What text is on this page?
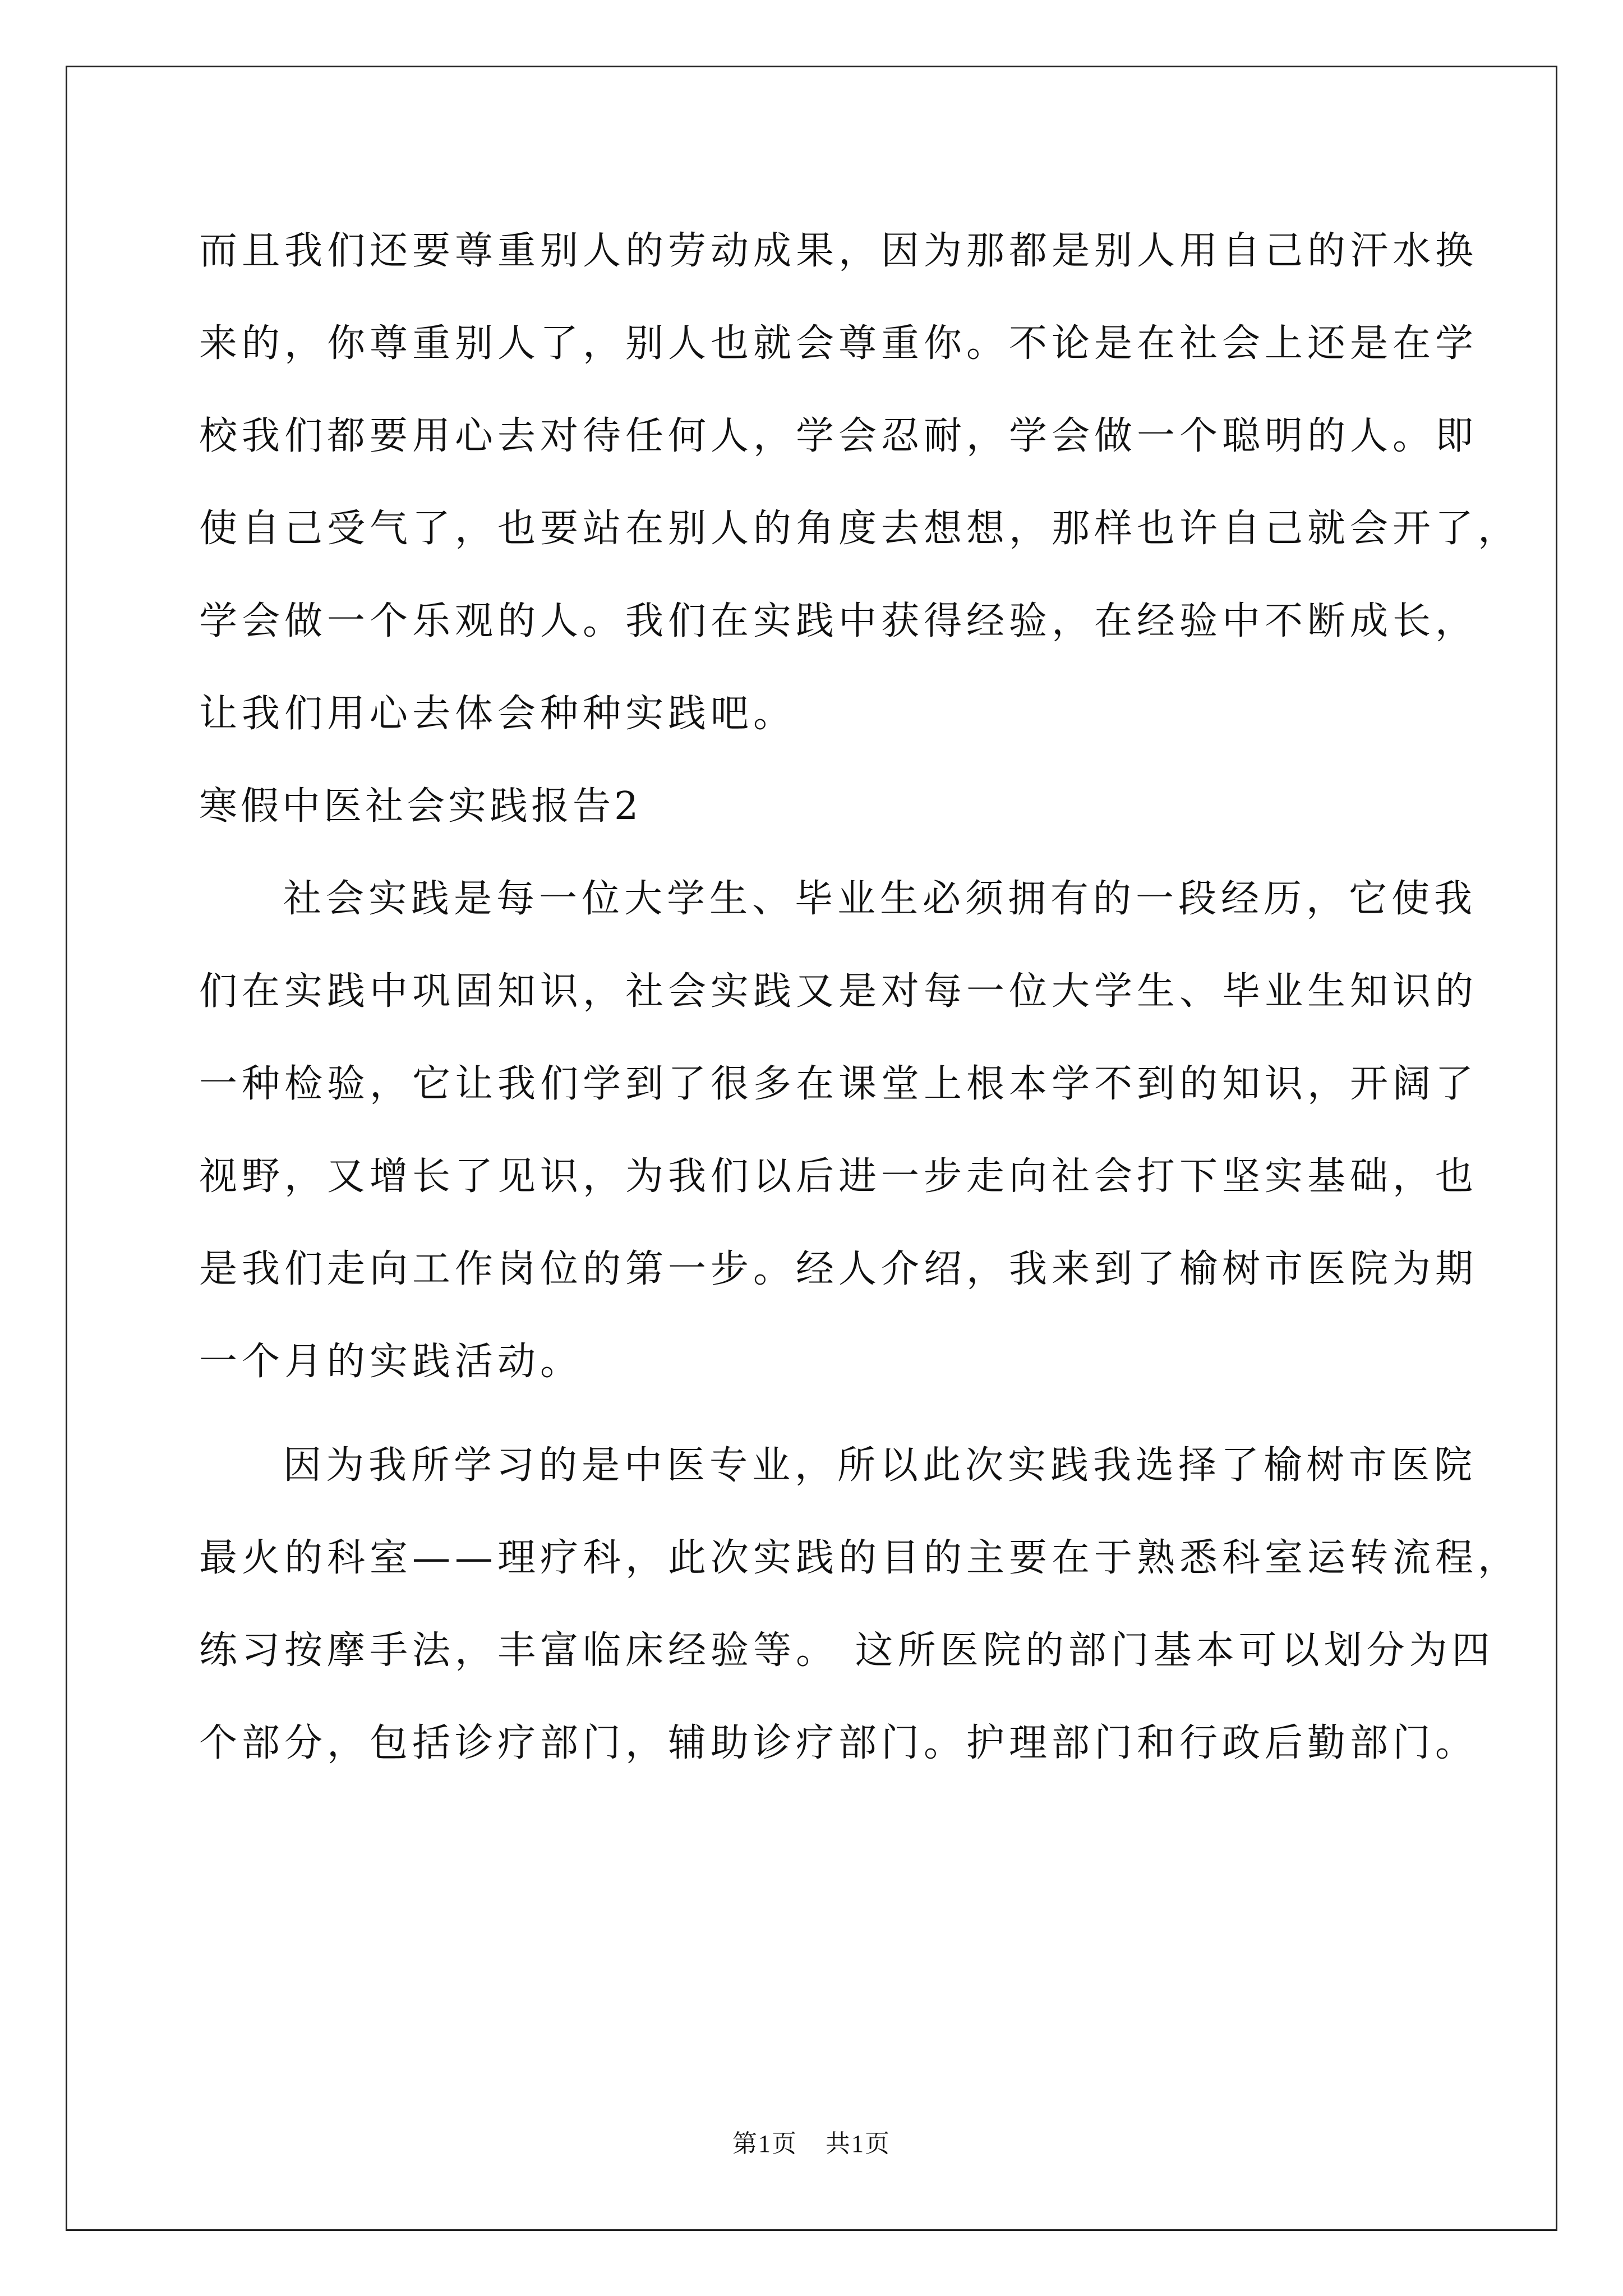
而且我们还要尊重别人的劳动成果，因为那都是别人用自己的汗水换
来的，你尊重别人了，别人也就会尊重你。不论是在社会上还是在学
校我们都要用心去对待任何人，学会忍耐，学会做一个聪明的人。即
使自己受气了，也要站在别人的角度去想想，那样也许自己就会开了，
学会做一个乐观的人。我们在实践中获得经验，在经验中不断成长，
让我们用心去体会种种实践吧。
寒假中医社会实践报告2
社会实践是每一位大学生、毕业生必须拥有的一段经历，它使我
们在实践中巩固知识，社会实践又是对每一位大学生、毕业生知识的
一种检验，它让我们学到了很多在课堂上根本学不到的知识，开阔了
视野，又增长了见识，为我们以后进一步走向社会打下坚实基础，也
是我们走向工作岗位的第一步。经人介绍，我来到了榆树市医院为期
一个月的实践活动。
因为我所学习的是中医专业，所以此次实践我选择了榆树市医院
最火的科室——理疗科，此次实践的目的主要在于熟悉科室运转流程，
练习按摩手法，丰富临床经验等。 这所医院的部门基本可以划分为四
个部分，包括诊疗部门，辅助诊疗部门。护理部门和行政后勤部门。
第1页 共1页
